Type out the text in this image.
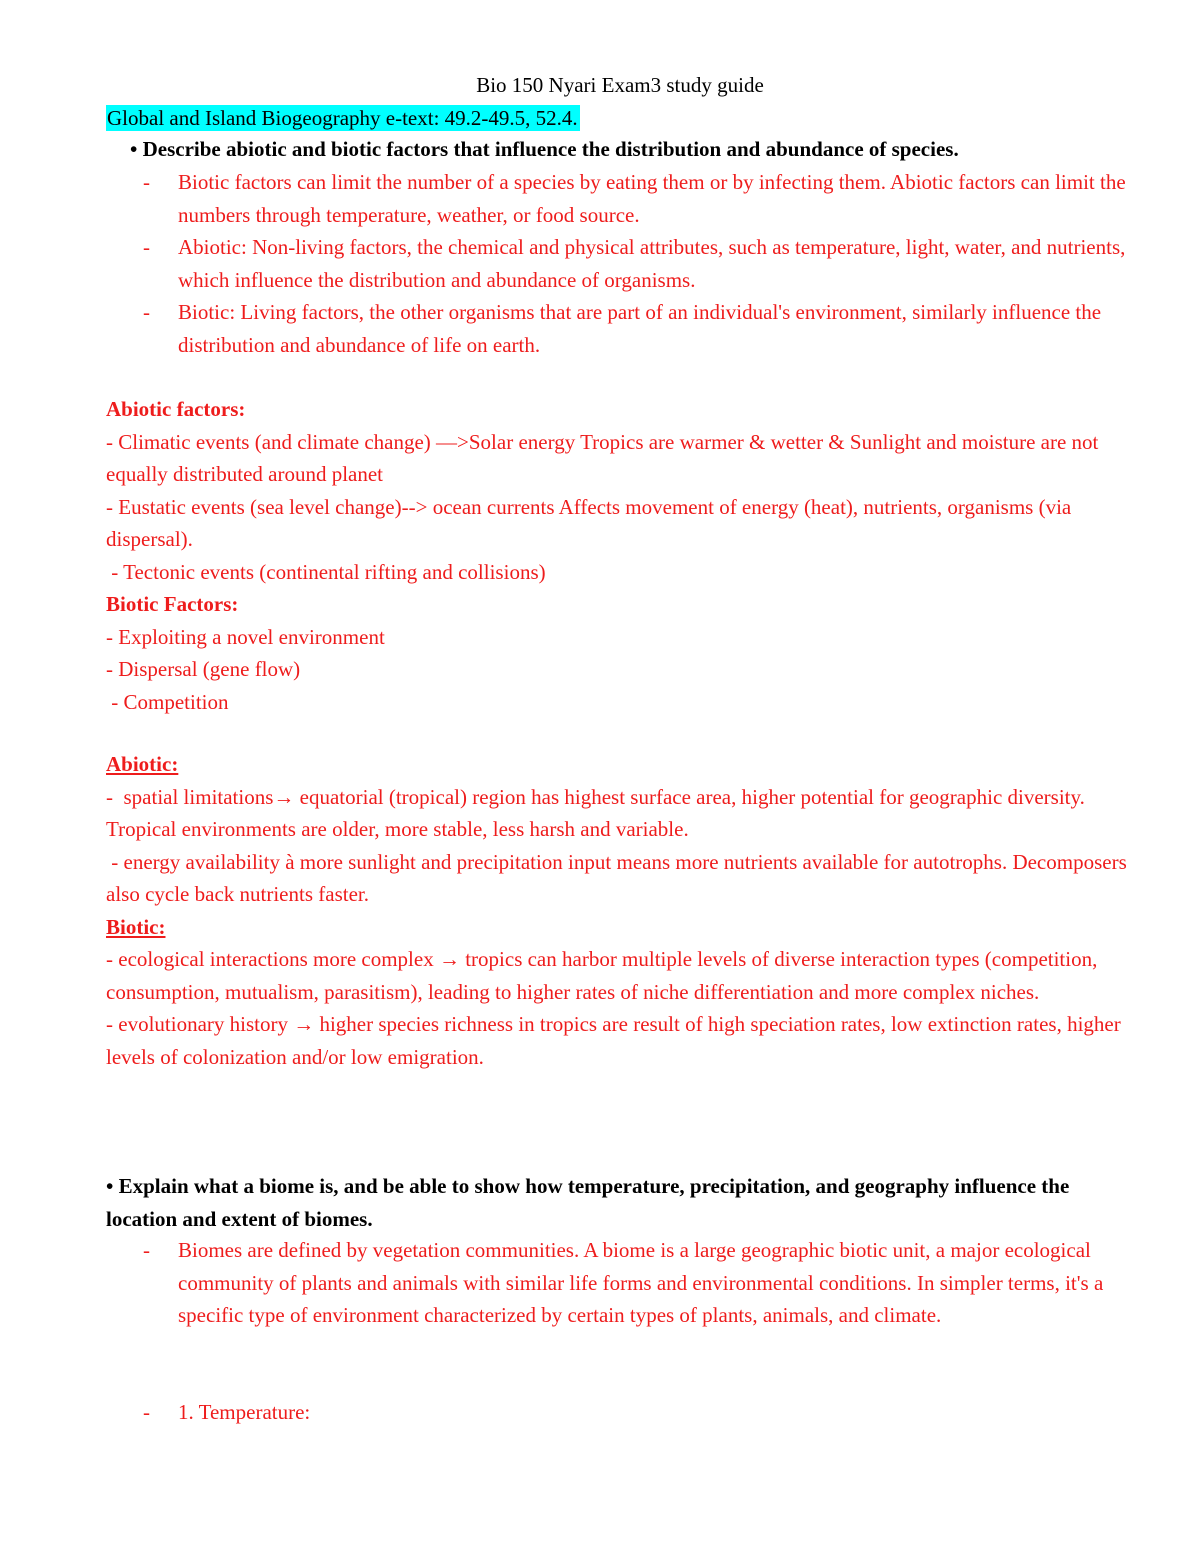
Bio 150 Nyari Exam3 study guide
Global and Island Biogeography e-text: 49.2-49.5, 52.4.
• Describe abiotic and biotic factors that influence the distribution and abundance of species.
- Biotic factors can limit the number of a species by eating them or by infecting them. Abiotic factors can limit the numbers through temperature, weather, or food source.
- Abiotic: Non-living factors, the chemical and physical attributes, such as temperature, light, water, and nutrients, which influence the distribution and abundance of organisms.
- Biotic: Living factors, the other organisms that are part of an individual's environment, similarly influence the distribution and abundance of life on earth.
Abiotic factors:
- Climatic events (and climate change) —>Solar energy Tropics are warmer & wetter & Sunlight and moisture are not equally distributed around planet
- Eustatic events (sea level change)--> ocean currents Affects movement of energy (heat), nutrients, organisms (via dispersal).
- Tectonic events (continental rifting and collisions)
Biotic Factors:
- Exploiting a novel environment
- Dispersal (gene flow)
- Competition
Abiotic:
-  spatial limitations→ equatorial (tropical) region has highest surface area, higher potential for geographic diversity. Tropical environments are older, more stable, less harsh and variable.
- energy availability à more sunlight and precipitation input means more nutrients available for autotrophs. Decomposers also cycle back nutrients faster.
Biotic:
- ecological interactions more complex → tropics can harbor multiple levels of diverse interaction types (competition, consumption, mutualism, parasitism), leading to higher rates of niche differentiation and more complex niches.
- evolutionary history → higher species richness in tropics are result of high speciation rates, low extinction rates, higher levels of colonization and/or low emigration.
• Explain what a biome is, and be able to show how temperature, precipitation, and geography influence the location and extent of biomes.
- Biomes are defined by vegetation communities. A biome is a large geographic biotic unit, a major ecological community of plants and animals with similar life forms and environmental conditions. In simpler terms, it's a specific type of environment characterized by certain types of plants, animals, and climate.
- 1. Temperature:
